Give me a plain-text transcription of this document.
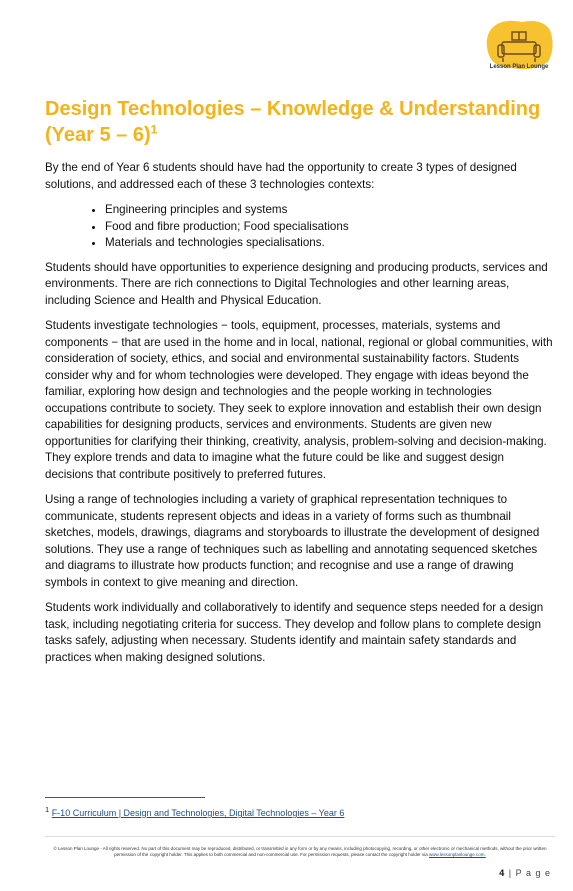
Lesson Plan Lounge
Design Technologies – Knowledge & Understanding (Year 5 – 6)$^1$

By the end of Year 6 students should have had the opportunity to create 3 types of designed solutions, and addressed each of these 3 technologies contexts:

• Engineering principles and systems
• Food and fibre production; Food specialisations
• Materials and technologies specialisations.

Students should have opportunities to experience designing and producing products, services and environments. There are rich connections to Digital Technologies and other learning areas, including Science and Health and Physical Education.

Students investigate technologies − tools, equipment, processes, materials, systems and components − that are used in the home and in local, national, regional or global communities, with consideration of society, ethics, and social and environmental sustainability factors. Students consider why and for whom technologies were developed. They engage with ideas beyond the familiar, exploring how design and technologies and the people working in technologies occupations contribute to society. They seek to explore innovation and establish their own design capabilities for designing products, services and environments. Students are given new opportunities for clarifying their thinking, creativity, analysis, problem-solving and decision-making. They explore trends and data to imagine what the future could be like and suggest design decisions that contribute positively to preferred futures.

Using a range of technologies including a variety of graphical representation techniques to communicate, students represent objects and ideas in a variety of forms such as thumbnail sketches, models, drawings, diagrams and storyboards to illustrate the development of designed solutions. They use a range of techniques such as labelling and annotating sequenced sketches and diagrams to illustrate how products function; and recognise and use a range of drawing symbols in context to give meaning and direction.

Students work individually and collaboratively to identify and sequence steps needed for a design task, including negotiating criteria for success. They develop and follow plans to complete design tasks safely, adjusting when necessary. Students identify and maintain safety standards and practices when making designed solutions.

$^1$ F-10 Curriculum | Design and Technologies, Digital Technologies – Year 6
© Lesson Plan Lounge - All rights reserved. No part of this document may be reproduced, distributed, or transmitted in any form or by any means, including photocopying, recording, or other electronic or mechanical methods, without the prior written permission of the copyright holder. This applies to both commercial and non-commercial use. For permission requests, please contact the copyright holder via www.lessonplanlounge.com.
4 | P a g e
